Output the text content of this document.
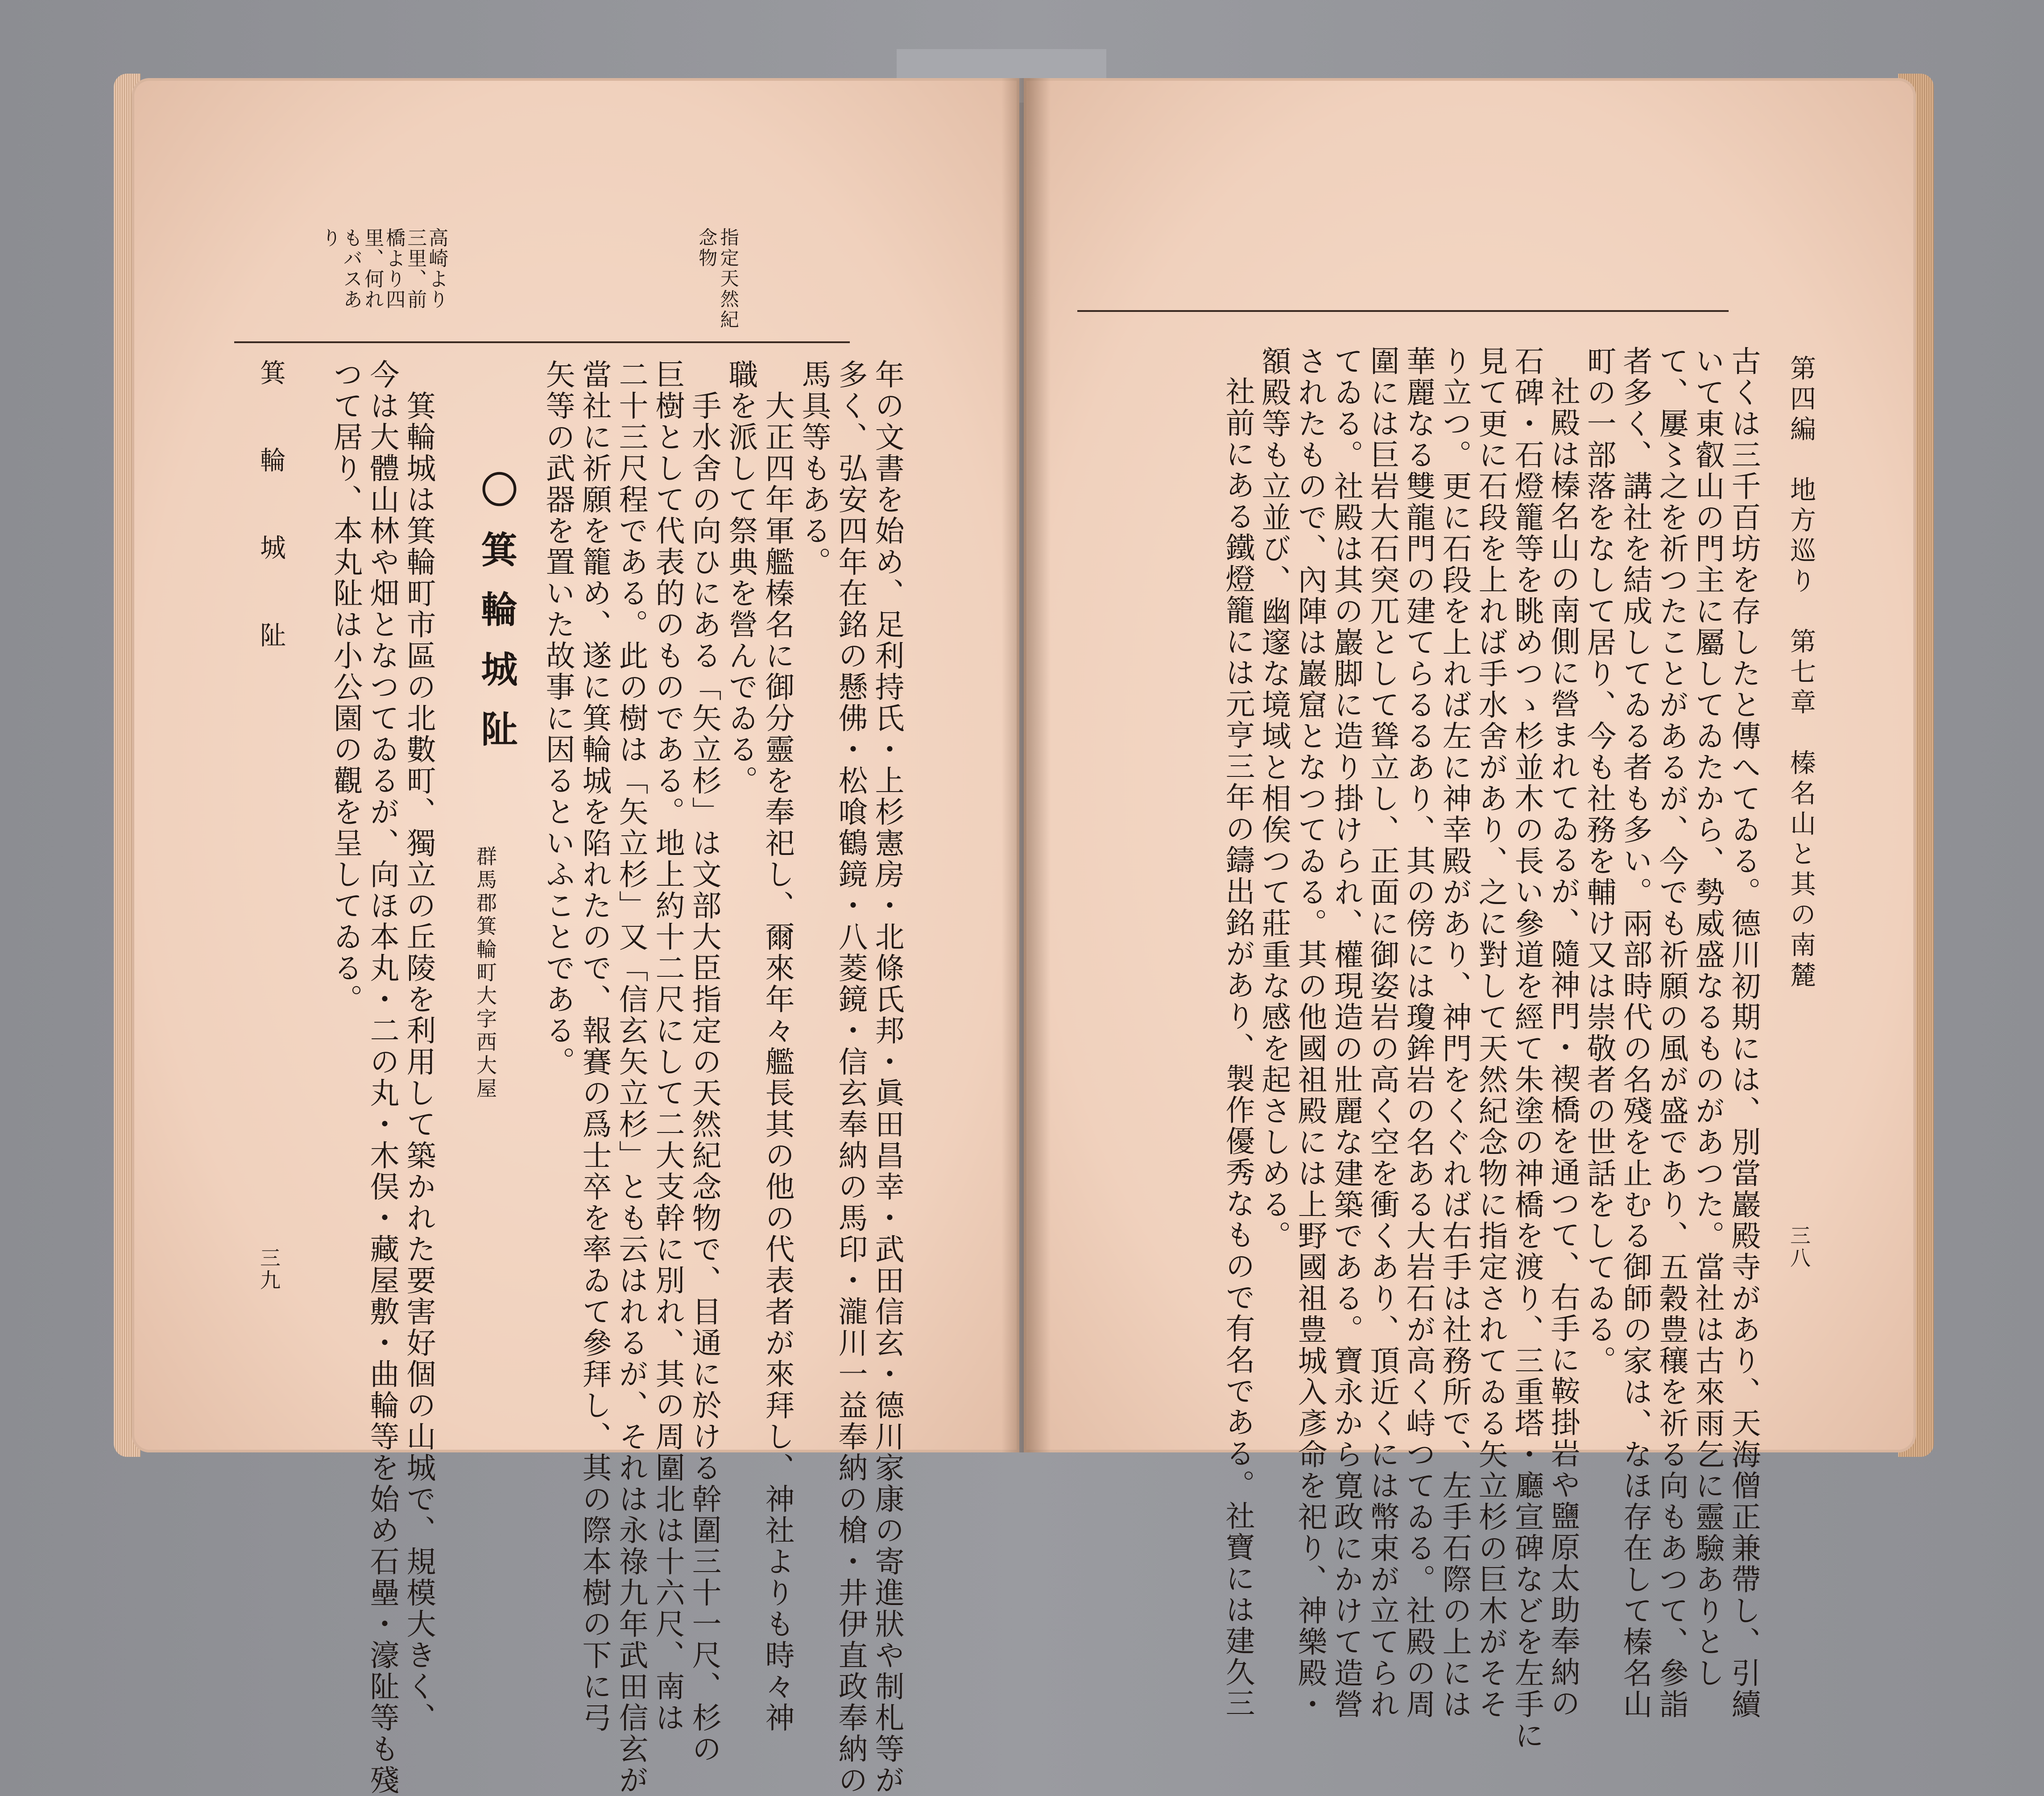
指定天然紀念物
高崎より
三里、前
橋より四
里、何れ
もバスあ
り
年の文書を始め、足利持氏・上杉憲房・北條氏邦・眞田昌幸・武田信玄・德川家康の寄進狀や制札等が
多く、弘安四年在銘の懸佛・松喰鶴鏡・八菱鏡・信玄奉納の馬印・瀧川一益奉納の槍・井伊直政奉納の
馬具等もある。
大正四年軍艦榛名に御分靈を奉祀し、爾來年々艦長其の他の代表者が來拜し、神社よりも時々神
職を派して祭典を營んでゐる。
手水舍の向ひにある「矢立杉」は文部大臣指定の天然紀念物で、目通に於ける幹圍三十一尺、杉の
巨樹として代表的のものである。地上約十二尺にして二大支幹に別れ、其の周圍北は十六尺、南は
二十三尺程である。此の樹は「矢立杉」又「信玄矢立杉」とも云はれるが、それは永祿九年武田信玄が
當社に祈願を籠め、遂に箕輪城を陷れたので、報賽の爲士卒を率ゐて參拜し、其の際本樹の下に弓
矢等の武器を置いた故事に因るといふことである。
〇箕輪城阯
群馬郡箕輪町大字西大屋
箕輪城は箕輪町市區の北數町、獨立の丘陵を利用して築かれた要害好個の山城で、規模大きく、
今は大體山林や畑となつてゐるが、向ほ本丸・二の丸・木俣・藏屋敷・曲輪等を始め石壘・濠阯等も殘
つて居り、本丸阯は小公園の觀を呈してゐる。
箕　輪　城　阯
三九
第四編　地方巡り　第七章　榛名山と其の南麓
三八
古くは三千百坊を存したと傳へてゐる。德川初期には、別當巖殿寺があり、天海僧正兼帶し、引續
いて東叡山の門主に屬してゐたから、勢威盛なるものがあつた。當社は古來雨乞に靈驗ありとし
て、屢〻之を祈つたことがあるが、今でも祈願の風が盛であり、五穀豊穰を祈る向もあつて、參詣
者多く、講社を結成してゐる者も多い。兩部時代の名殘を止むる御師の家は、なほ存在して榛名山
町の一部落をなして居り、今も社務を輔け又は崇敬者の世話をしてゐる。
社殿は榛名山の南側に營まれてゐるが、隨神門・禊橋を通つて、右手に鞍掛岩や鹽原太助奉納の
石碑・石燈籠等を眺めつゝ杉並木の長い參道を經て朱塗の神橋を渡り、三重塔・廳宣碑などを左手に
見て更に石段を上れば手水舍があり、之に對して天然紀念物に指定されてゐる矢立杉の巨木がそそ
り立つ。更に石段を上れば左に神幸殿があり、神門をくぐれば右手は社務所で、左手石際の上には
華麗なる雙龍門の建てらるるあり、其の傍には瓊鉾岩の名ある大岩石が高く峙つてゐる。社殿の周
圍には巨岩大石突兀として聳立し、正面に御姿岩の高く空を衝くあり、頂近くには幣束が立てられ
てゐる。社殿は其の巖脚に造り掛けられ、權現造の壯麗な建築である。寶永から寛政にかけて造營
されたもので、內陣は巖窟となつてゐる。其の他國祖殿には上野國祖豊城入彥命を祀り、神樂殿・
額殿等も立並び、幽邃な境域と相俟つて莊重な感を起さしめる。
社前にある鐵燈籠には元亨三年の鑄出銘があり、製作優秀なもので有名である。社寶には建久三
